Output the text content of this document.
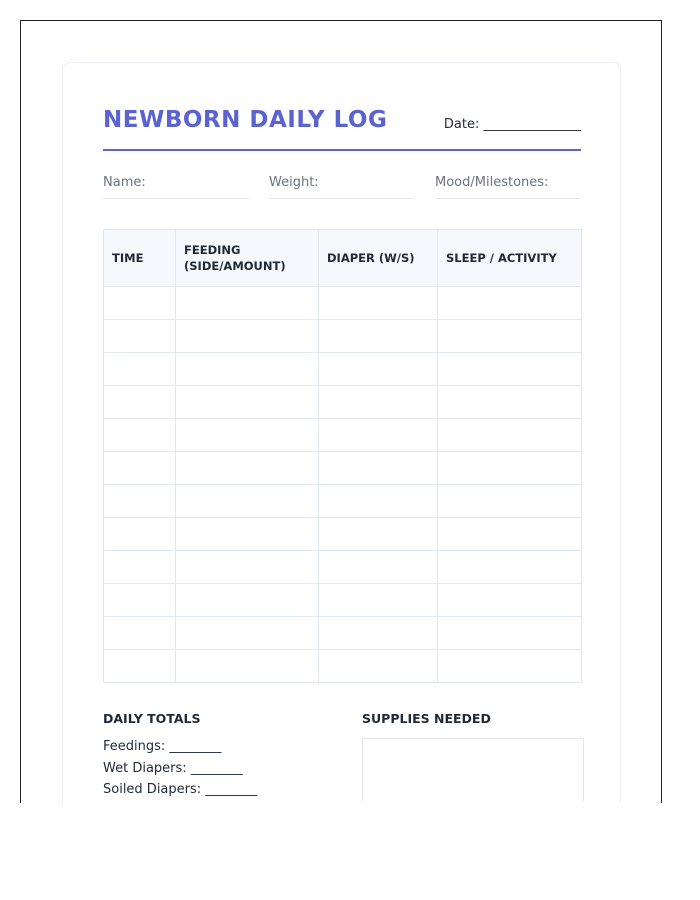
NEWBORN DAILY LOG	Date: _______________
Name:	Weight:	Mood/Milestones:
TIME	FEEDING (SIDE/AMOUNT)	DIAPER (W/S)	SLEEP / ACTIVITY

DAILY TOTALS
Feedings: ________
Wet Diapers: ________
Soiled Diapers: ________
SUPPLIES NEEDED
